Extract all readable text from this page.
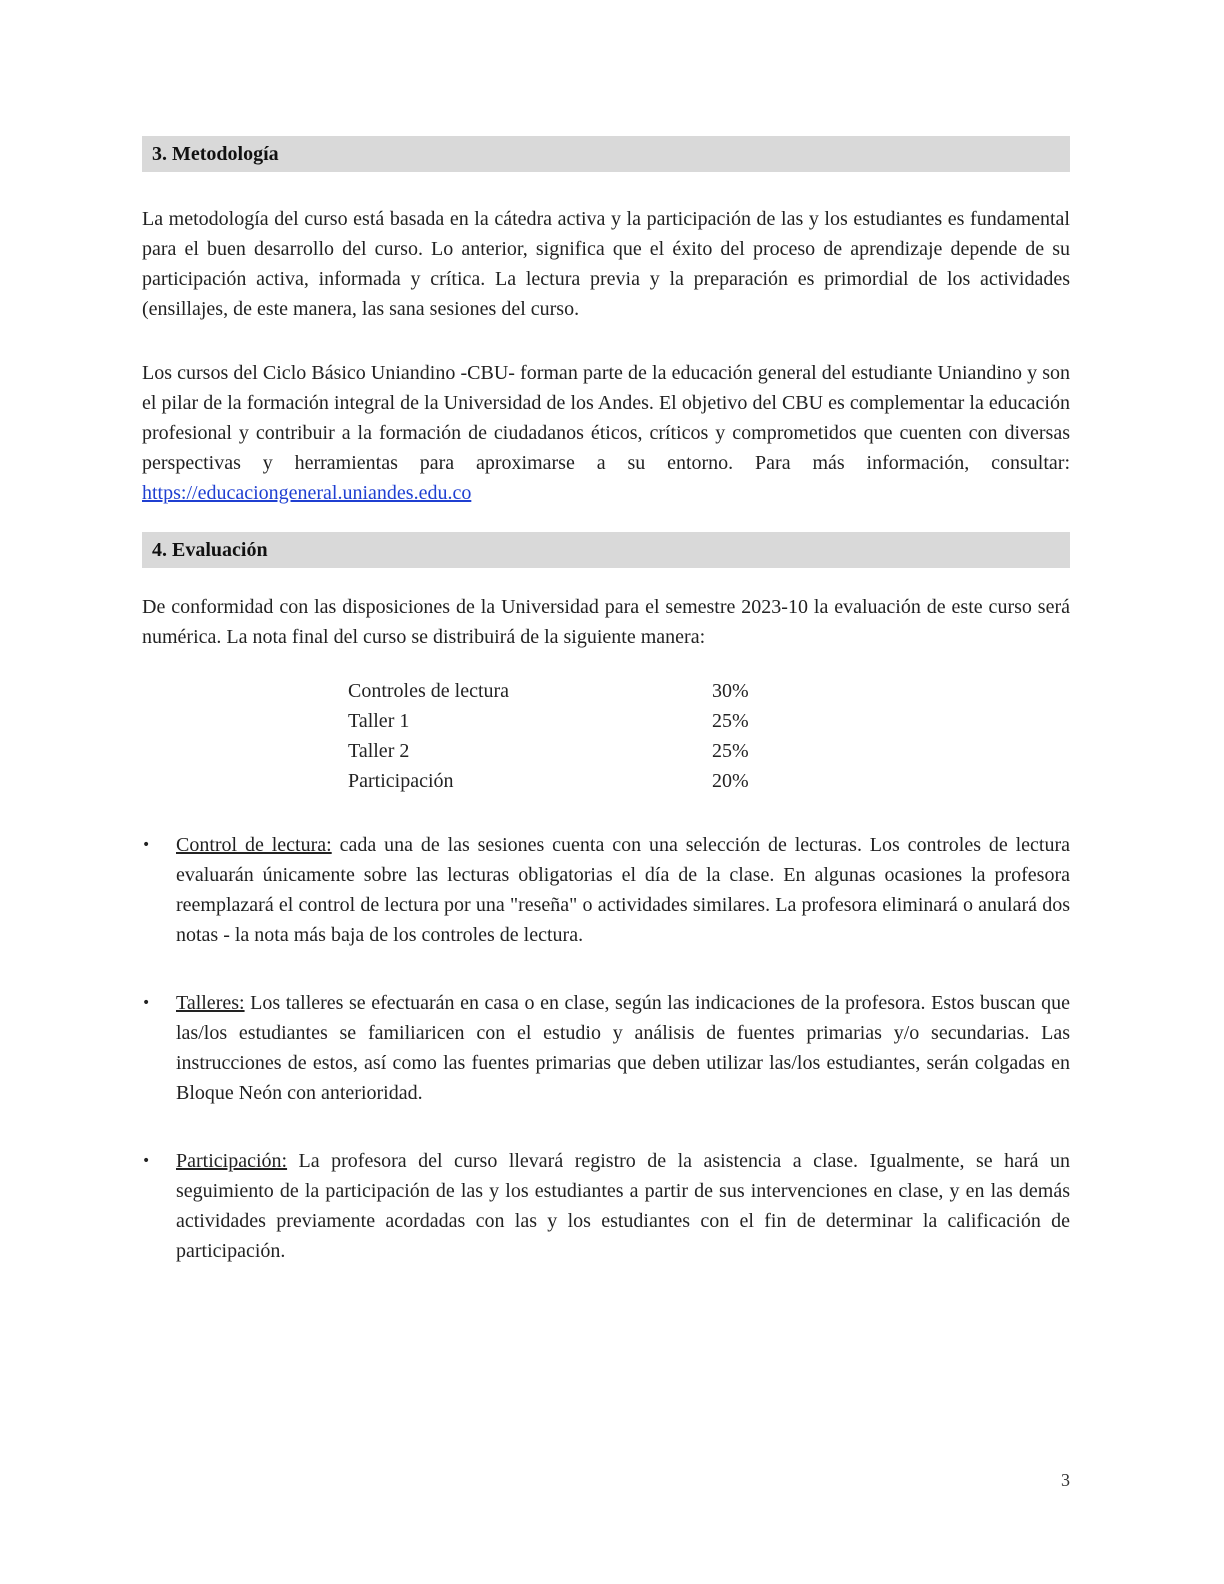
3. Metodología

La metodología del curso está basada en la cátedra activa y la participación de las y los estudiantes es fundamental para el buen desarrollo del curso. Lo anterior, significa que el éxito del proceso de aprendizaje depende de su participación activa, informada y crítica. La lectura previa y la preparación es primordial de los actividades (ensillajes, de este manera, las sana sesiones del curso.

Los cursos del Ciclo Básico Uniandino -CBU- forman parte de la educación general del estudiante Uniandino y son el pilar de la formación integral de la Universidad de los Andes. El objetivo del CBU es complementar la educación profesional y contribuir a la formación de ciudadanos éticos, críticos y comprometidos que cuenten con diversas perspectivas y herramientas para aproximarse a su entorno. Para más información, consultar: https://educaciongeneral.uniandes.edu.co

4. Evaluación

De conformidad con las disposiciones de la Universidad para el semestre 2023-10 la evaluación de este curso será numérica. La nota final del curso se distribuirá de la siguiente manera:

Controles de lectura	30%
Taller 1	25%
Taller 2	25%
Participación	20%
•	Control de lectura: cada una de las sesiones cuenta con una selección de lecturas. Los controles de lectura evaluarán únicamente sobre las lecturas obligatorias el día de la clase. En algunas ocasiones la profesora reemplazará el control de lectura por una "reseña" o actividades similares. La profesora eliminará o anulará dos notas - la nota más baja de los controles de lectura.
•	Talleres: Los talleres se efectuarán en casa o en clase, según las indicaciones de la profesora. Estos buscan que las/los estudiantes se familiaricen con el estudio y análisis de fuentes primarias y/o secundarias. Las instrucciones de estos, así como las fuentes primarias que deben utilizar las/los estudiantes, serán colgadas en Bloque Neón con anterioridad.
•	Participación: La profesora del curso llevará registro de la asistencia a clase. Igualmente, se hará un seguimiento de la participación de las y los estudiantes a partir de sus intervenciones en clase, y en las demás actividades previamente acordadas con las y los estudiantes con el fin de determinar la calificación de participación.
3
